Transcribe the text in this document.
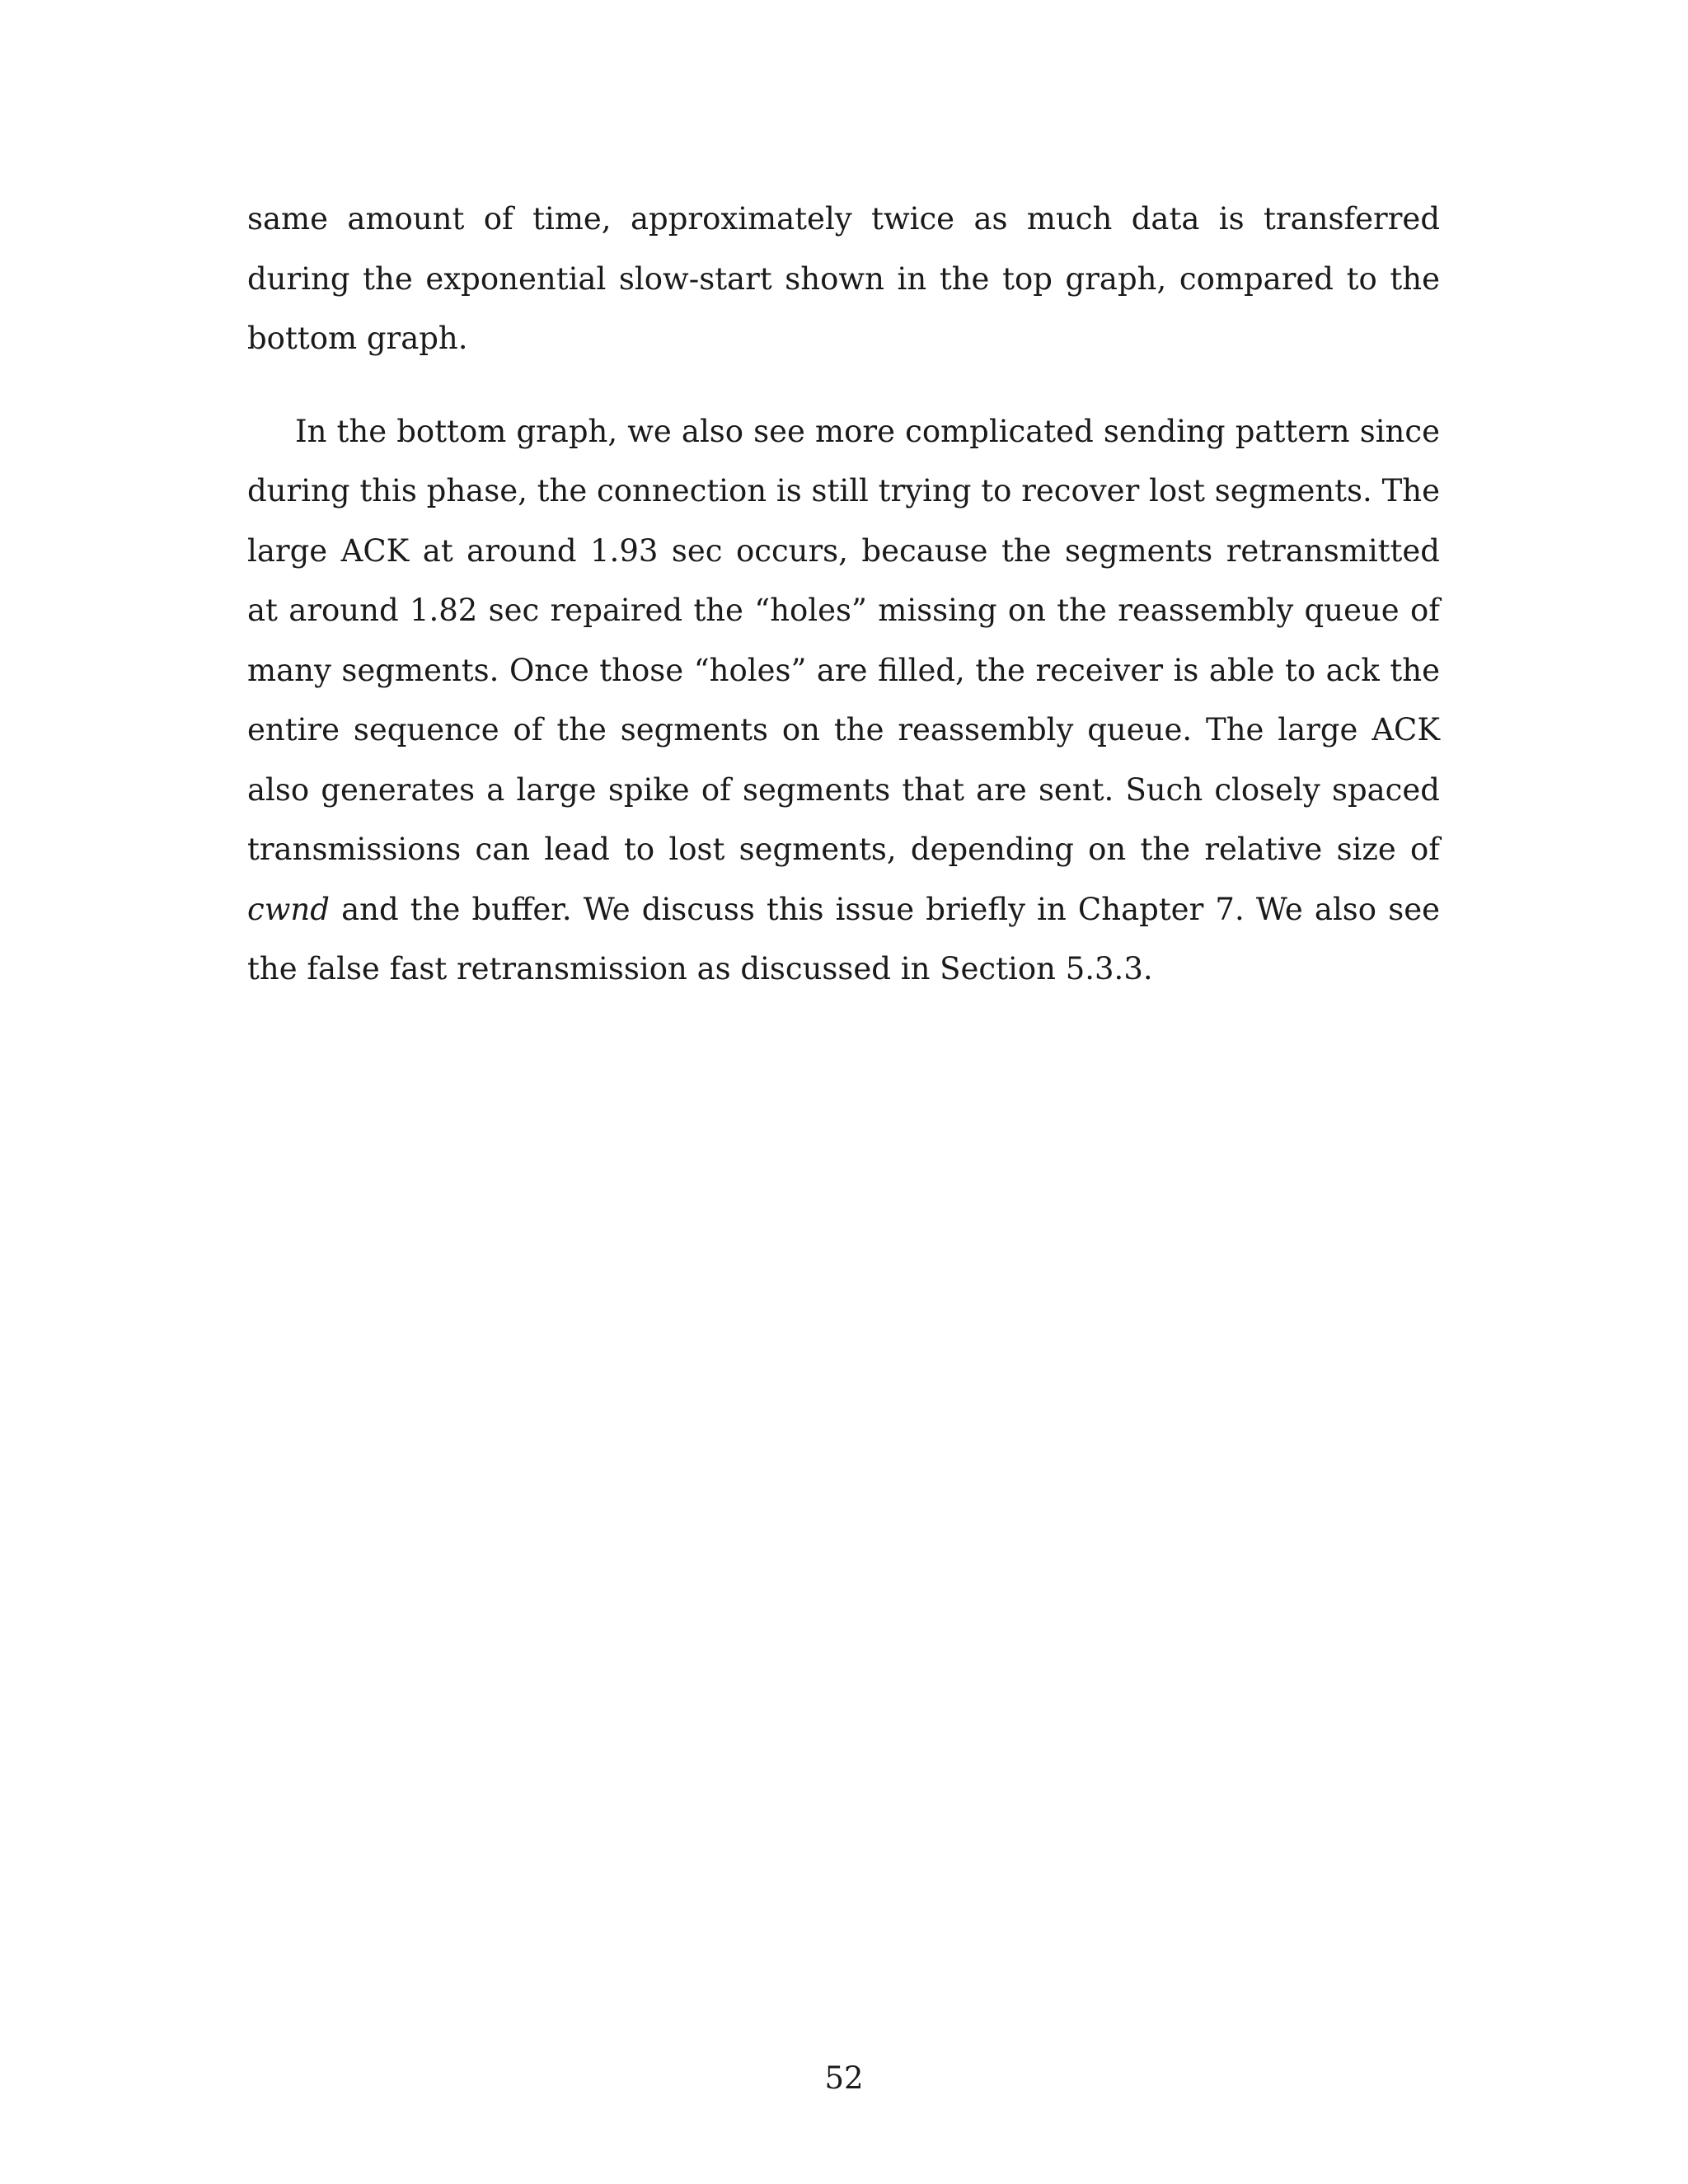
same amount of time, approximately twice as much data is transferred during the exponential slow-start shown in the top graph, compared to the bottom graph.

In the bottom graph, we also see more complicated sending pattern since during this phase, the connection is still trying to recover lost segments. The large ACK at around 1.93 sec occurs, because the segments retransmitted at around 1.82 sec repaired the “holes” missing on the reassembly queue of many segments. Once those “holes” are filled, the receiver is able to ack the entire sequence of the segments on the reassembly queue. The large ACK also generates a large spike of segments that are sent. Such closely spaced transmissions can lead to lost segments, depending on the relative size of cwnd and the buffer. We discuss this issue briefly in Chapter 7. We also see the false fast retransmission as discussed in Section 5.3.3.

52
